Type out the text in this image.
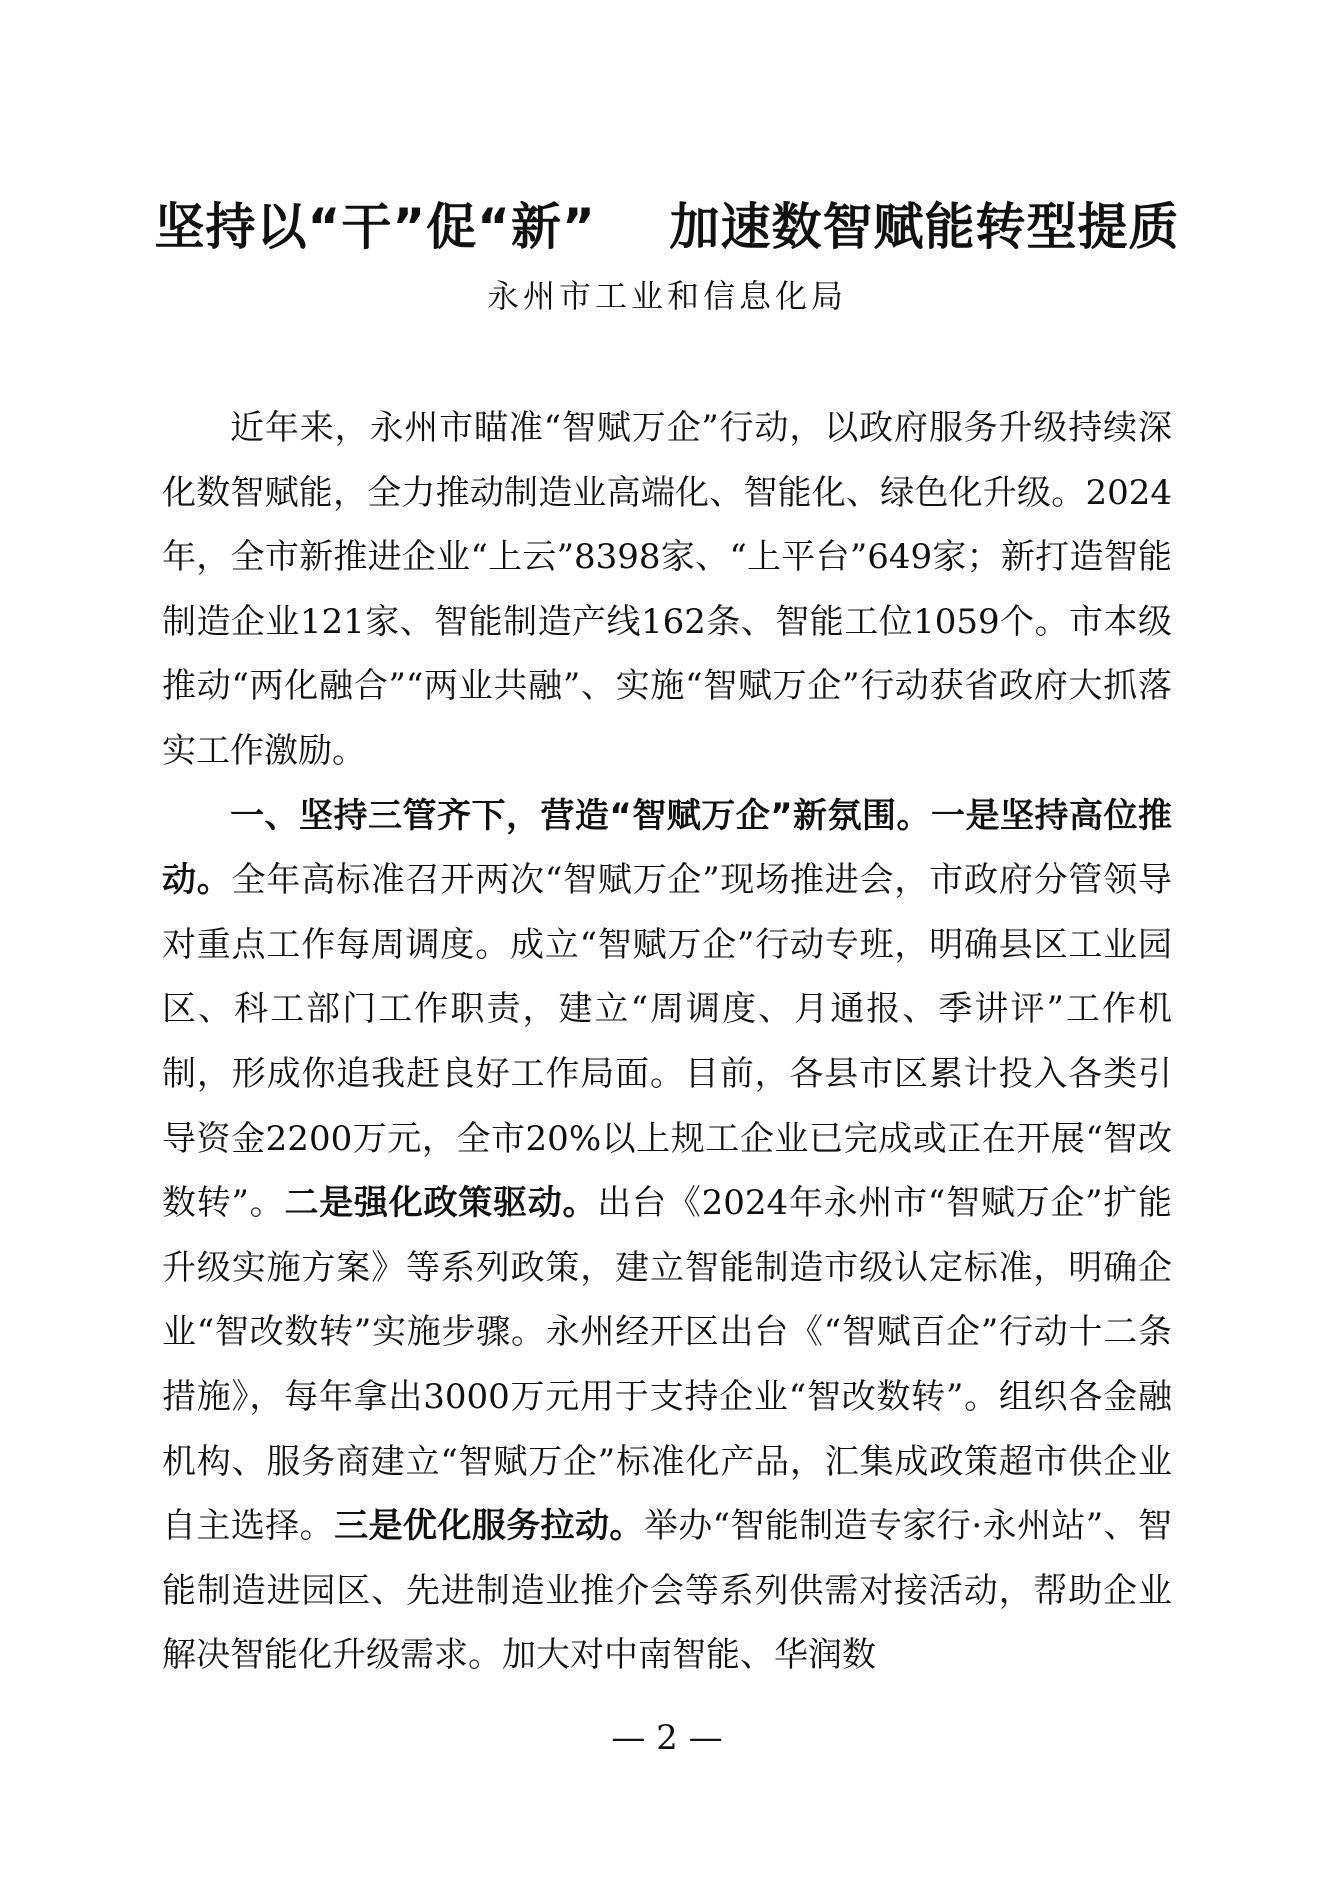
坚持以“干”促“新”    加速数智赋能转型提质
永州市工业和信息化局

近年来，永州市瞄准“智赋万企”行动，以政府服务升级持续深化数智赋能，全力推动制造业高端化、智能化、绿色化升级。2024年，全市新推进企业“上云”8398家、“上平台”649家；新打造智能制造企业121家、智能制造产线162条、智能工位1059个。市本级推动“两化融合”“两业共融”、实施“智赋万企”行动获省政府大抓落实工作激励。

一、坚持三管齐下，营造“智赋万企”新氛围。一是坚持高位推动。全年高标准召开两次“智赋万企”现场推进会，市政府分管领导对重点工作每周调度。成立“智赋万企”行动专班，明确县区工业园区、科工部门工作职责，建立“周调度、月通报、季讲评”工作机制，形成你追我赶良好工作局面。目前，各县市区累计投入各类引导资金2200万元，全市20%以上规工企业已完成或正在开展“智改数转”。二是强化政策驱动。出台《2024年永州市“智赋万企”扩能升级实施方案》等系列政策，建立智能制造市级认定标准，明确企业“智改数转”实施步骤。永州经开区出台《“智赋百企”行动十二条措施》，每年拿出3000万元用于支持企业“智改数转”。组织各金融机构、服务商建立“智赋万企”标准化产品，汇集成政策超市供企业自主选择。三是优化服务拉动。举办“智能制造专家行·永州站”、智能制造进园区、先进制造业推介会等系列供需对接活动，帮助企业解决智能化升级需求。加大对中南智能、华润数

— 2 —
